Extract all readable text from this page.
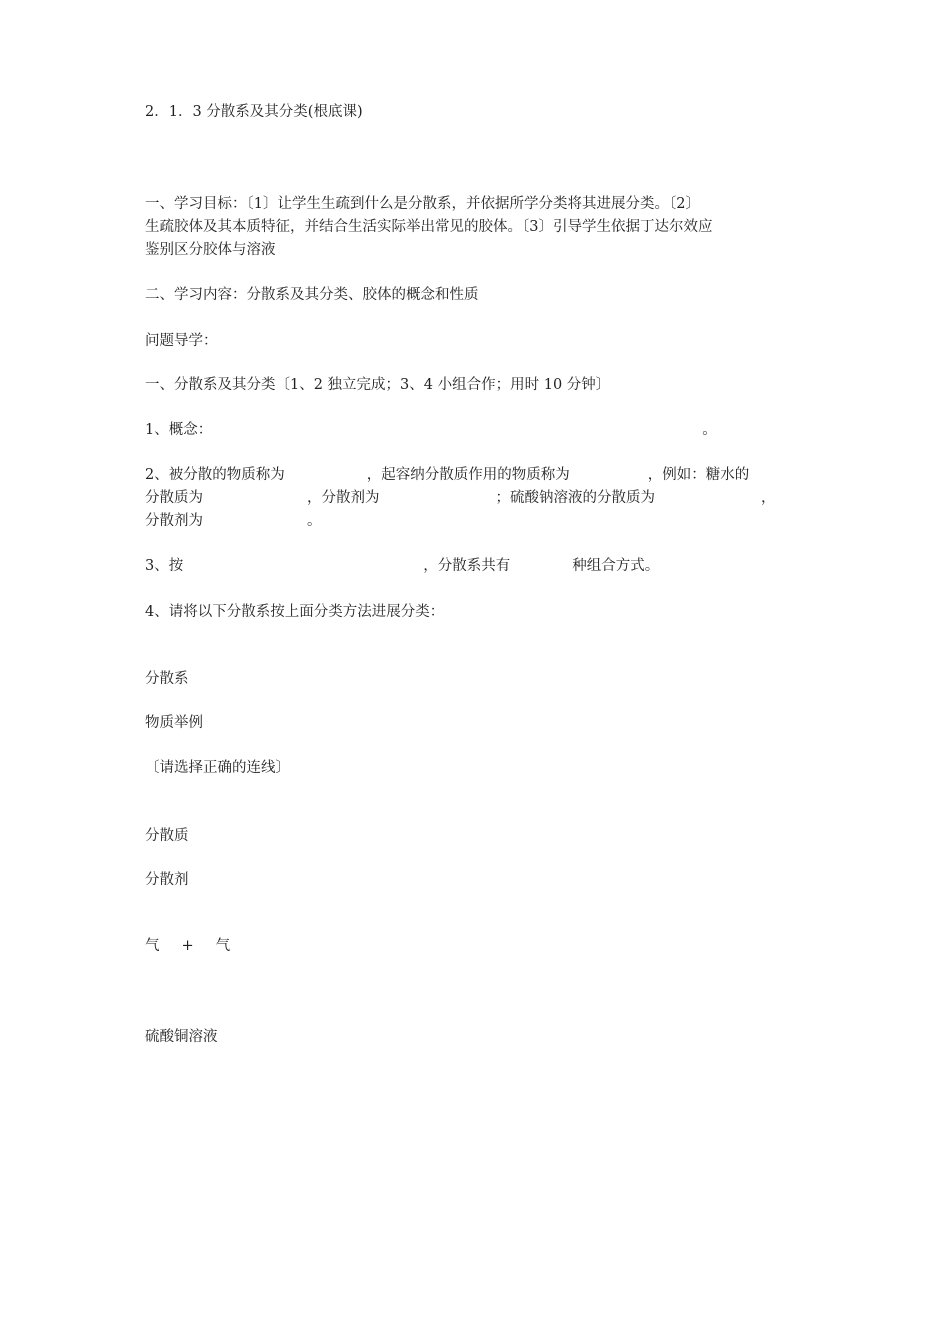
2．1．3 分散系及其分类(根底课)
一、学习目标：〔1〕让学生生疏到什么是分散系，并依据所学分类将其进展分类。〔2〕
生疏胶体及其本质特征，并结合生活实际举出常见的胶体。〔3〕引导学生依据丁达尔效应
鉴别区分胶体与溶液
二、学习内容：分散系及其分类、胶体的概念和性质
问题导学：
一、分散系及其分类〔1、2 独立完成；3、4 小组合作；用时 10 分钟〕
1、概念：	。
2、被分散的物质称为	，起容纳分散质作用的物质称为	，例如：糖水的
分散质为	，分散剂为	；硫酸钠溶液的分散质为	，
分散剂为	。
3、按	，分散系共有	种组合方式。
4、请将以下分散系按上面分类方法进展分类：
分散系
物质举例
〔请选择正确的连线〕
分散质
分散剂
气 + 气
硫酸铜溶液
